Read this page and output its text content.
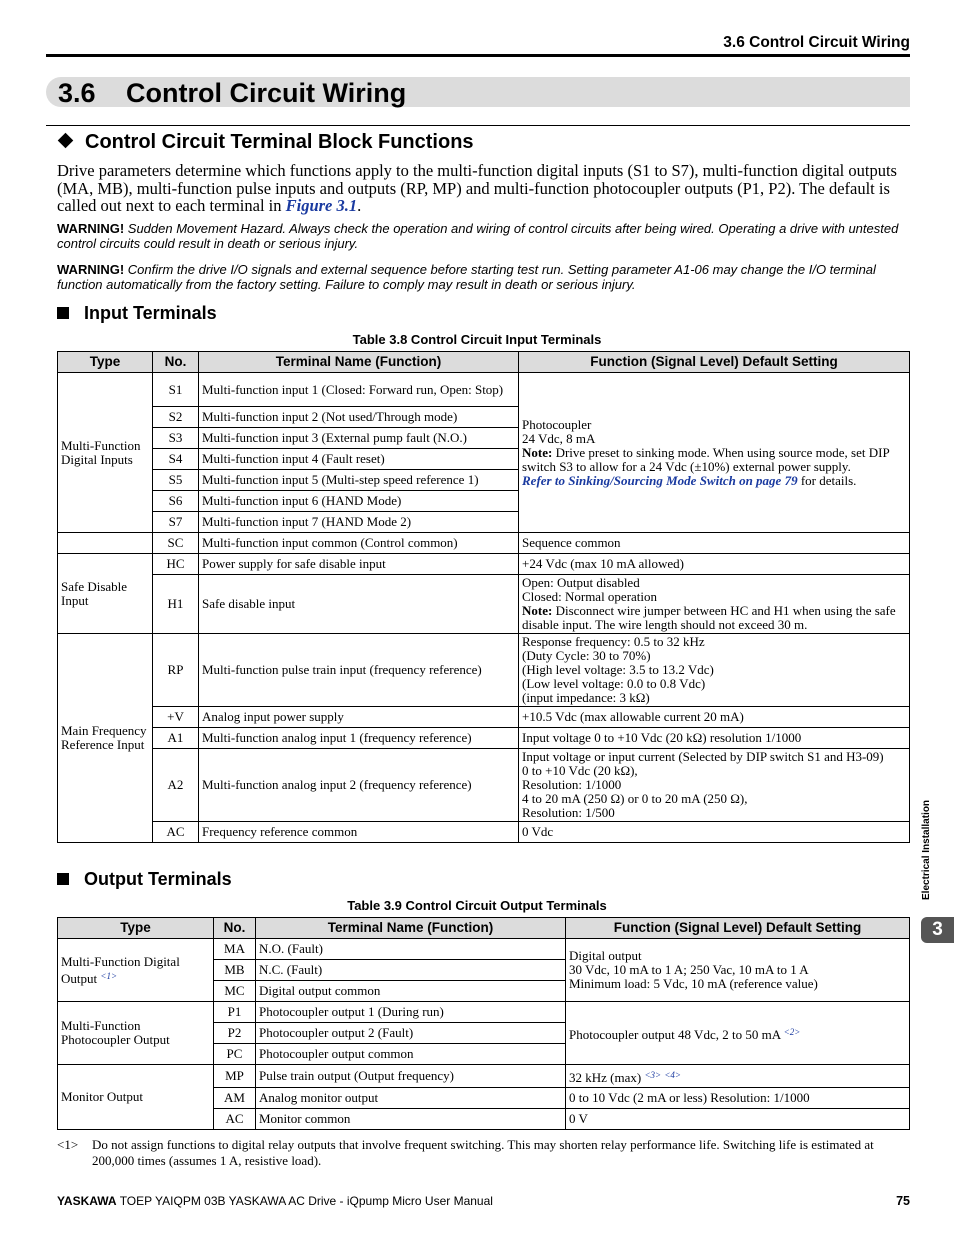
3.6 Control Circuit Wiring
3.6 Control Circuit Wiring
Control Circuit Terminal Block Functions
Drive parameters determine which functions apply to the multi-function digital inputs (S1 to S7), multi-function digital outputs (MA, MB), multi-function pulse inputs and outputs (RP, MP) and multi-function photocoupler outputs (P1, P2). The default is called out next to each terminal in Figure 3.1.
WARNING! Sudden Movement Hazard. Always check the operation and wiring of control circuits after being wired. Operating a drive with untested control circuits could result in death or serious injury.
WARNING! Confirm the drive I/O signals and external sequence before starting test run. Setting parameter A1-06 may change the I/O terminal function automatically from the factory setting. Failure to comply may result in death or serious injury.
Input Terminals
Table 3.8 Control Circuit Input Terminals
Type	No.	Terminal Name (Function)	Function (Signal Level) Default Setting
Multi-Function Digital Inputs	S1	Multi-function input 1 (Closed: Forward run, Open: Stop)	Photocoupler
24 Vdc, 8 mA
Note: Drive preset to sinking mode. When using source mode, set DIP switch S3 to allow for a 24 Vdc (±10%) external power supply.
Refer to Sinking/Sourcing Mode Switch on page 79 for details.

	S2	Multi-function input 2 (Not used/Through mode)	
	S3	Multi-function input 3 (External pump fault (N.O.)	
	S4	Multi-function input 4 (Fault reset)	
	S5	Multi-function input 5 (Multi-step speed reference 1)	
	S6	Multi-function input 6 (HAND Mode)	
	S7	Multi-function input 7 (HAND Mode 2)	
	SC	Multi-function input common (Control common)	Sequence common
Safe Disable Input	HC	Power supply for safe disable input	+24 Vdc (max 10 mA allowed)
	H1	Safe disable input	Open: Output disabled
Closed: Normal operation
Note: Disconnect wire jumper between HC and H1 when using the safe disable input. The wire length should not exceed 30 m.

Main Frequency Reference Input	RP	Multi-function pulse train input (frequency reference)	Response frequency: 0.5 to 32 kHz
(Duty Cycle: 30 to 70%)
(High level voltage: 3.5 to 13.2 Vdc)
(Low level voltage: 0.0 to 0.8 Vdc)
(input impedance: 3 kΩ)

	+V	Analog input power supply	+10.5 Vdc (max allowable current 20 mA)
	A1	Multi-function analog input 1 (frequency reference)	Input voltage 0 to +10 Vdc (20 kΩ) resolution 1/1000
	A2	Multi-function analog input 2 (frequency reference)	Input voltage or input current (Selected by DIP switch S1 and H3-09)
0 to +10 Vdc (20 kΩ),
Resolution: 1/1000
4 to 20 mA (250 Ω) or 0 to 20 mA (250 Ω),
Resolution: 1/500

	AC	Frequency reference common	0 Vdc
Output Terminals
Table 3.9 Control Circuit Output Terminals
Type	No.	Terminal Name (Function)	Function (Signal Level) Default Setting
Multi-Function Digital Output $^{<1>}$	MA	N.O. (Fault)	Digital output
30 Vdc, 10 mA to 1 A; 250 Vac, 10 mA to 1 A
Minimum load: 5 Vdc, 10 mA (reference value)

	MB	N.C. (Fault)	
	MC	Digital output common	
Multi-Function Photocoupler Output	P1	Photocoupler output 1 (During run)	Photocoupler output 48 Vdc, 2 to 50 mA $^{<2>}$
	P2	Photocoupler output 2 (Fault)	
	PC	Photocoupler output common	
Monitor Output	MP	Pulse train output (Output frequency)	32 kHz (max) $^{<3>}$ $^{<4>}$
	AM	Analog monitor output	0 to 10 Vdc (2 mA or less) Resolution: 1/1000
	AC	Monitor common	0 V
<1> Do not assign functions to digital relay outputs that involve frequent switching. This may shorten relay performance life. Switching life is estimated at 200,000 times (assumes 1 A, resistive load).
YASKAWA TOEP YAIQPM 03B YASKAWA AC Drive - iQpump Micro User Manual	75
Electrical Installation
3
